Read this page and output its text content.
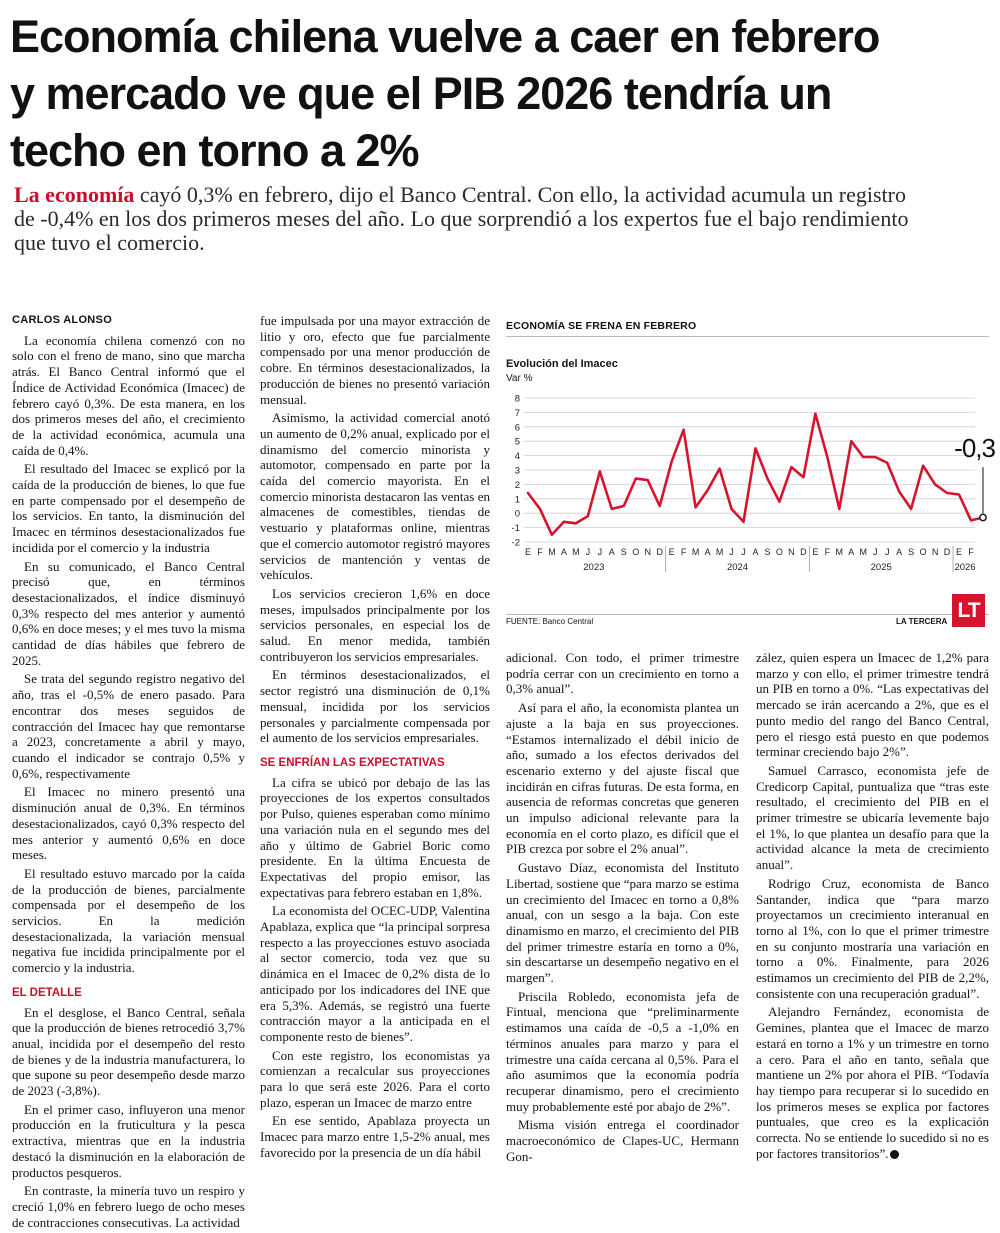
Economía chilena vuelve a caer en febrero
y mercado ve que el PIB 2026 tendría un
techo en torno a 2%
La economía cayó 0,3% en febrero, dijo el Banco Central. Con ello, la actividad acumula un registro
de -0,4% en los dos primeros meses del año. Lo que sorprendió a los expertos fue el bajo rendimiento
que tuvo el comercio.

CARLOS ALONSO

La economía chilena comenzó con no solo con el freno de mano, sino que marcha atrás. El Banco Central informó que el Índice de Actividad Económica (Imacec) de febrero cayó 0,3%. De esta manera, en los dos primeros meses del año, el crecimiento de la actividad económica, acumula una caída de 0,4%.

El resultado del Imacec se explicó por la caída de la producción de bienes, lo que fue en parte compensado por el desempeño de los servicios. En tanto, la disminución del Imacec en términos desestacionalizados fue incidida por el comercio y la industria

En su comunicado, el Banco Central precisó que, en términos desestacionalizados, el índice disminuyó 0,3% respecto del mes anterior y aumentó 0,6% en doce meses; y el mes tuvo la misma cantidad de días hábiles que febrero de 2025.

Se trata del segundo registro negativo del año, tras el -0,5% de enero pasado. Para encontrar dos meses seguidos de contracción del Imacec hay que remontarse a 2023, concretamente a abril y mayo, cuando el indicador se contrajo 0,5% y 0,6%, respectivamente

El Imacec no minero presentó una disminución anual de 0,3%. En términos desestacionalizados, cayó 0,3% respecto del mes anterior y aumentó 0,6% en doce meses.

El resultado estuvo marcado por la caída de la producción de bienes, parcialmente compensada por el desempeño de los servicios. En la medición desestacionalizada, la variación mensual negativa fue incidida principalmente por el comercio y la industria.

EL DETALLE

En el desglose, el Banco Central, señala que la producción de bienes retrocedió 3,7% anual, incidida por el desempeño del resto de bienes y de la industria manufacturera, lo que supone su peor desempeño desde marzo de 2023 (-3,8%).

En el primer caso, influyeron una menor producción en la fruticultura y la pesca extractiva, mientras que en la industria destacó la disminución en la elaboración de productos pesqueros.

En contraste, la minería tuvo un respiro y creció 1,0% en febrero luego de ocho meses de contracciones consecutivas. La actividad

fue impulsada por una mayor extracción de litio y oro, efecto que fue parcialmente compensado por una menor producción de cobre. En términos desestacionalizados, la producción de bienes no presentó variación mensual.

Asimismo, la actividad comercial anotó un aumento de 0,2% anual, explicado por el dinamismo del comercio minorista y automotor, compensado en parte por la caída del comercio mayorista. En el comercio minorista destacaron las ventas en almacenes de comestibles, tiendas de vestuario y plataformas online, mientras que el comercio automotor registró mayores servicios de mantención y ventas de vehículos.

Los servicios crecieron 1,6% en doce meses, impulsados principalmente por los servicios personales, en especial los de salud. En menor medida, también contribuyeron los servicios empresariales.

En términos desestacionalizados, el sector registró una disminución de 0,1% mensual, incidida por los servicios personales y parcialmente compensada por el aumento de los servicios empresariales.

SE ENFRÍAN LAS EXPECTATIVAS

La cifra se ubicó por debajo de las las proyecciones de los expertos consultados por Pulso, quienes esperaban como mínimo una variación nula en el segundo mes del año y último de Gabriel Boric como presidente. En la última Encuesta de Expectativas del propio emisor, las expectativas para febrero estaban en 1,8%.

La economista del OCEC-UDP, Valentina Apablaza, explica que “la principal sorpresa respecto a las proyecciones estuvo asociada al sector comercio, toda vez que su dinámica en el Imacec de 0,2% dista de lo anticipado por los indicadores del INE que era 5,3%. Además, se registró una fuerte contracción mayor a la anticipada en el componente resto de bienes”.

Con este registro, los economistas ya comienzan a recalcular sus proyecciones para lo que será este 2026. Para el corto plazo, esperan un Imacec de marzo entre

En ese sentido, Apablaza proyecta un Imacec para marzo entre 1,5-2% anual, mes favorecido por la presencia de un día hábil

ECONOMÍA SE FRENA EN FEBRERO
Evolución del Imacec
Var %
8
7
6
5
4
3
2
1
0
-1
-2
E F M A M J J A S O N D E F M A M J J A S O N D E F M A M J J A S O N D E F
2023	2024	2025	2026
-0,3
FUENTE: Banco Central	LA TERCERA LT

adicional. Con todo, el primer trimestre podría cerrar con un crecimiento en torno a 0,3% anual”.

Así para el año, la economista plantea un ajuste a la baja en sus proyecciones. “Estamos internalizado el débil inicio de año, sumado a los efectos derivados del escenario externo y del ajuste fiscal que incidirán en cifras futuras. De esta forma, en ausencia de reformas concretas que generen un impulso adicional relevante para la economía en el corto plazo, es difícil que el PIB crezca por sobre el 2% anual”.

Gustavo Díaz, economista del Instituto Libertad, sostiene que “para marzo se estima un crecimiento del Imacec en torno a 0,8% anual, con un sesgo a la baja. Con este dinamismo en marzo, el crecimiento del PIB del primer trimestre estaría en torno a 0%, sin descartarse un desempeño negativo en el margen”.

Priscila Robledo, economista jefa de Fintual, menciona que “preliminarmente estimamos una caída de -0,5 a -1,0% en términos anuales para marzo y para el trimestre una caída cercana al 0,5%. Para el año asumimos que la economía podría recuperar dinamismo, pero el crecimiento muy probablemente esté por abajo de 2%”.

Misma visión entrega el coordinador macroeconómico de Clapes-UC, Hermann Gon-

zález, quien espera un Imacec de 1,2% para marzo y con ello, el primer trimestre tendrá un PIB en torno a 0%. “Las expectativas del mercado se irán acercando a 2%, que es el punto medio del rango del Banco Central, pero el riesgo está puesto en que podemos terminar creciendo bajo 2%”.

Samuel Carrasco, economista jefe de Credicorp Capital, puntualiza que “tras este resultado, el crecimiento del PIB en el primer trimestre se ubicaría levemente bajo el 1%, lo que plantea un desafío para que la actividad alcance la meta de crecimiento anual”.

Rodrigo Cruz, economista de Banco Santander, indica que “para marzo proyectamos un crecimiento interanual en torno al 1%, con lo que el primer trimestre en su conjunto mostraría una variación en torno a 0%. Finalmente, para 2026 estimamos un crecimiento del PIB de 2,2%, consistente con una recuperación gradual”.

Alejandro Fernández, economista de Gemines, plantea que el Imacec de marzo estará en torno a 1% y un trimestre en torno a cero. Para el año en tanto, señala que mantiene un 2% por ahora el PIB. “Todavía hay tiempo para recuperar si lo sucedido en los primeros meses se explica por factores puntuales, que creo es la explicación correcta. No se entiende lo sucedido si no es por factores transitorios”.
